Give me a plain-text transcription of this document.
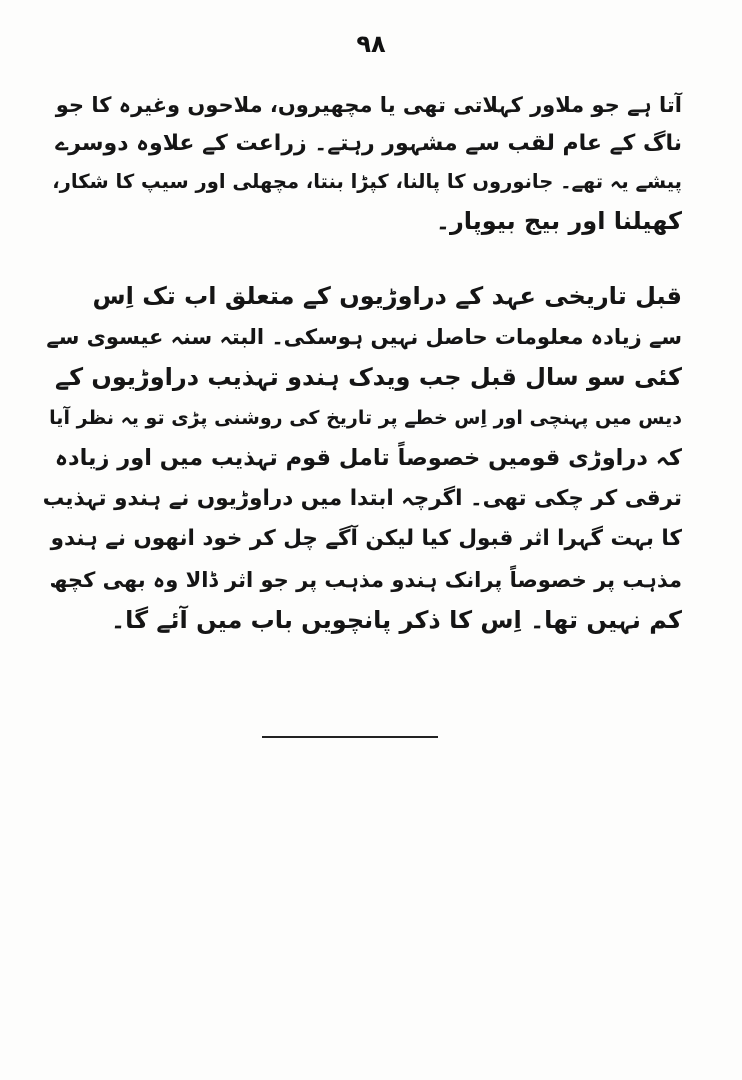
۹۸
آتا ہے جو ملاور کہلاتی تھی یا مچھیروں، ملاحوں وغیرہ کا جو
ناگ کے عام لقب سے مشہور رہتے۔ زراعت کے علاوہ دوسرے
پیشے یہ تھے۔ جانوروں کا پالنا، کپڑا بنتا، مچھلی اور سیپ کا شکار،
کھیلنا اور بیج بیوپار۔
قبل تاریخی عہد کے دراوڑیوں کے متعلق اب تک اِس
سے زیادہ معلومات حاصل نہیں ہوسکی۔ البتہ سنہ عیسوی سے
کئی سو سال قبل جب ویدک ہندو تہذیب دراوڑیوں کے
دیس میں پہنچی اور اِس خطے پر تاریخ کی روشنی پڑی تو یہ نظر آیا
کہ دراوڑی قومیں خصوصاً تامل قوم تہذیب میں اور زیادہ
ترقی کر چکی تھی۔ اگرچہ ابتدا میں دراوڑیوں نے ہندو تہذیب
کا بہت گہرا اثر قبول کیا لیکن آگے چل کر خود انھوں نے ہندو
مذہب پر خصوصاً پرانک ہندو مذہب پر جو اثر ڈالا وہ بھی کچھ
کم نہیں تھا۔ اِس کا ذکر پانچویں باب میں آئے گا۔
